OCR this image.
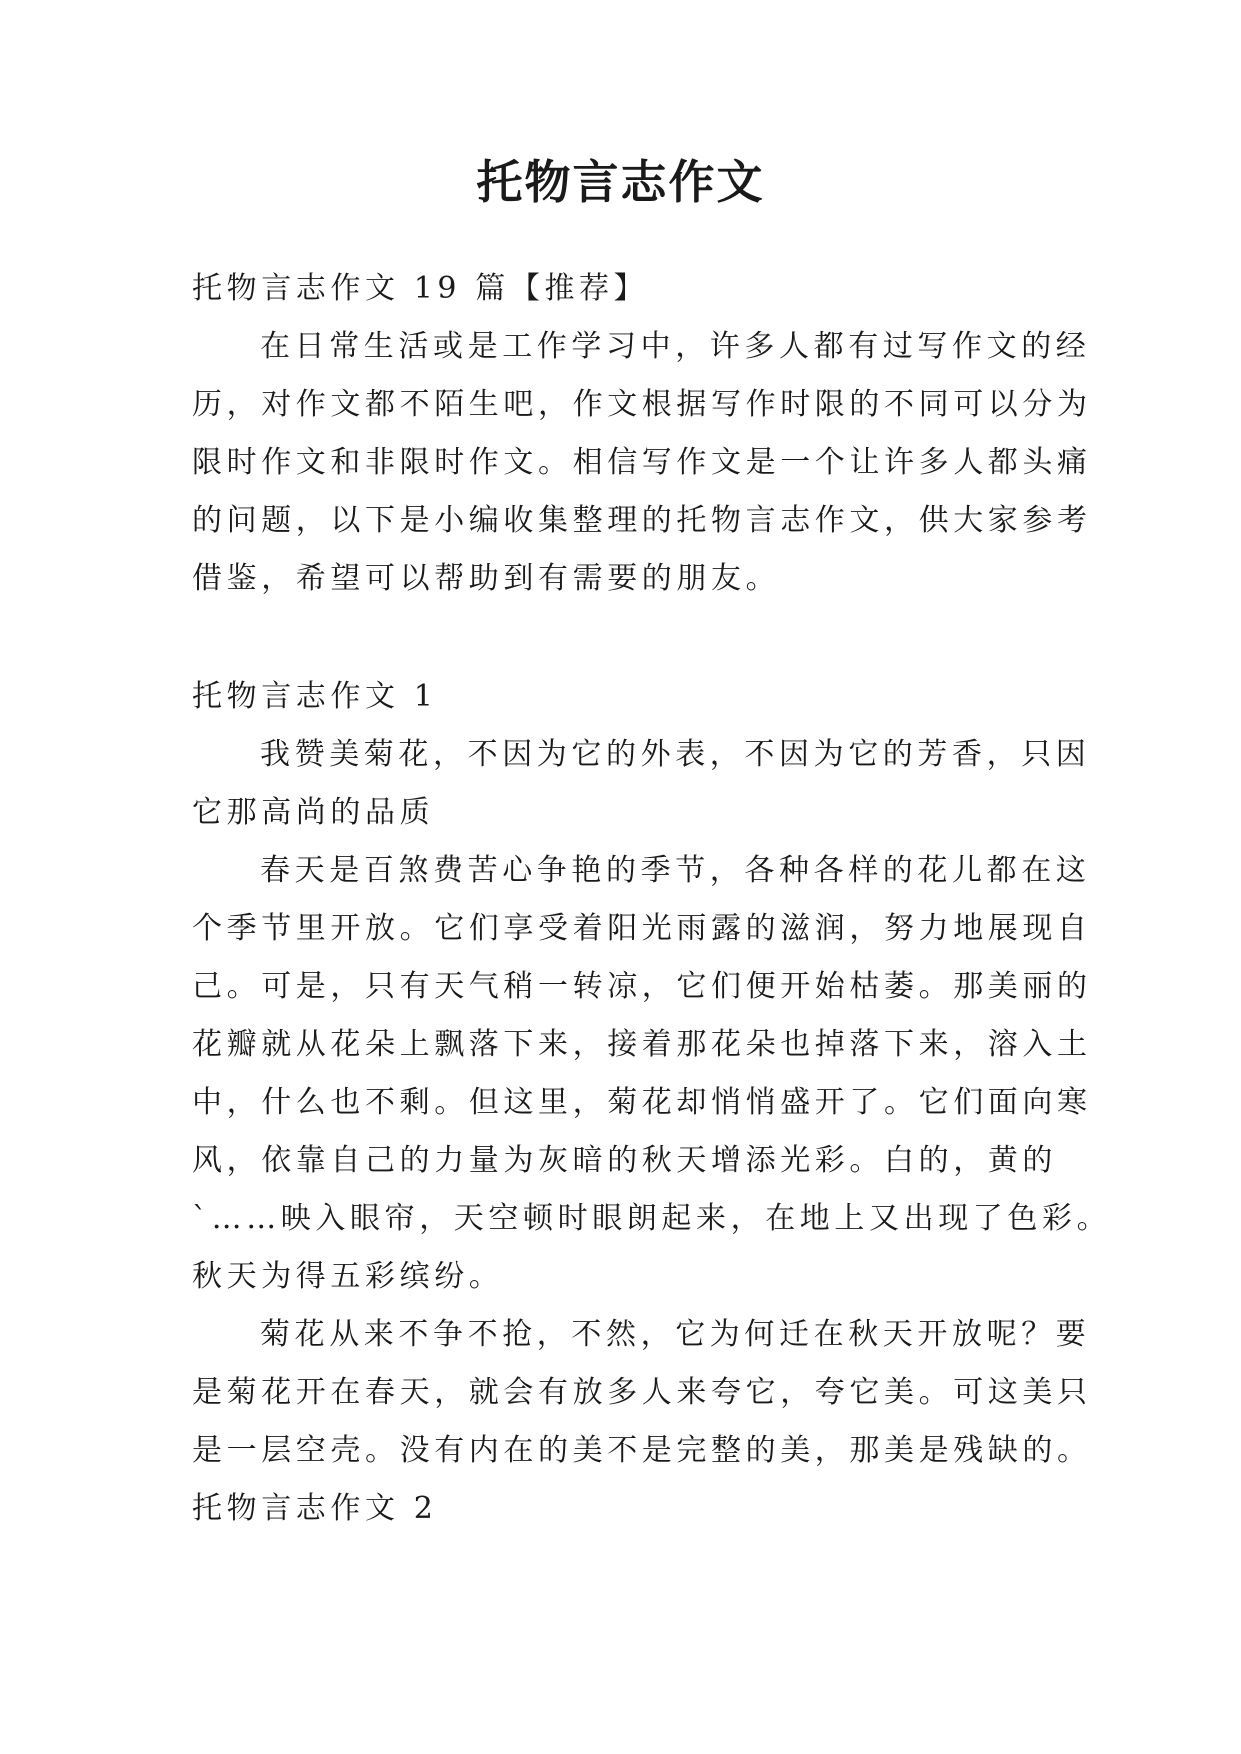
托物言志作文
托物言志作文 19 篇【推荐】
在日常生活或是工作学习中，许多人都有过写作文的经
历，对作文都不陌生吧，作文根据写作时限的不同可以分为
限时作文和非限时作文。相信写作文是一个让许多人都头痛
的问题，以下是小编收集整理的托物言志作文，供大家参考
借鉴，希望可以帮助到有需要的朋友。
托物言志作文 1
我赞美菊花，不因为它的外表，不因为它的芳香，只因
它那高尚的品质
春天是百煞费苦心争艳的季节，各种各样的花儿都在这
个季节里开放。它们享受着阳光雨露的滋润，努力地展现自
己。可是，只有天气稍一转凉，它们便开始枯萎。那美丽的
花瓣就从花朵上飘落下来，接着那花朵也掉落下来，溶入土
中，什么也不剩。但这里，菊花却悄悄盛开了。它们面向寒
风，依靠自己的力量为灰暗的秋天增添光彩。白的，黄的
`……映入眼帘，天空顿时眼朗起来，在地上又出现了色彩。
秋天为得五彩缤纷。
菊花从来不争不抢，不然，它为何迁在秋天开放呢？要
是菊花开在春天，就会有放多人来夸它，夸它美。可这美只
是一层空壳。没有内在的美不是完整的美，那美是残缺的。
托物言志作文 2
